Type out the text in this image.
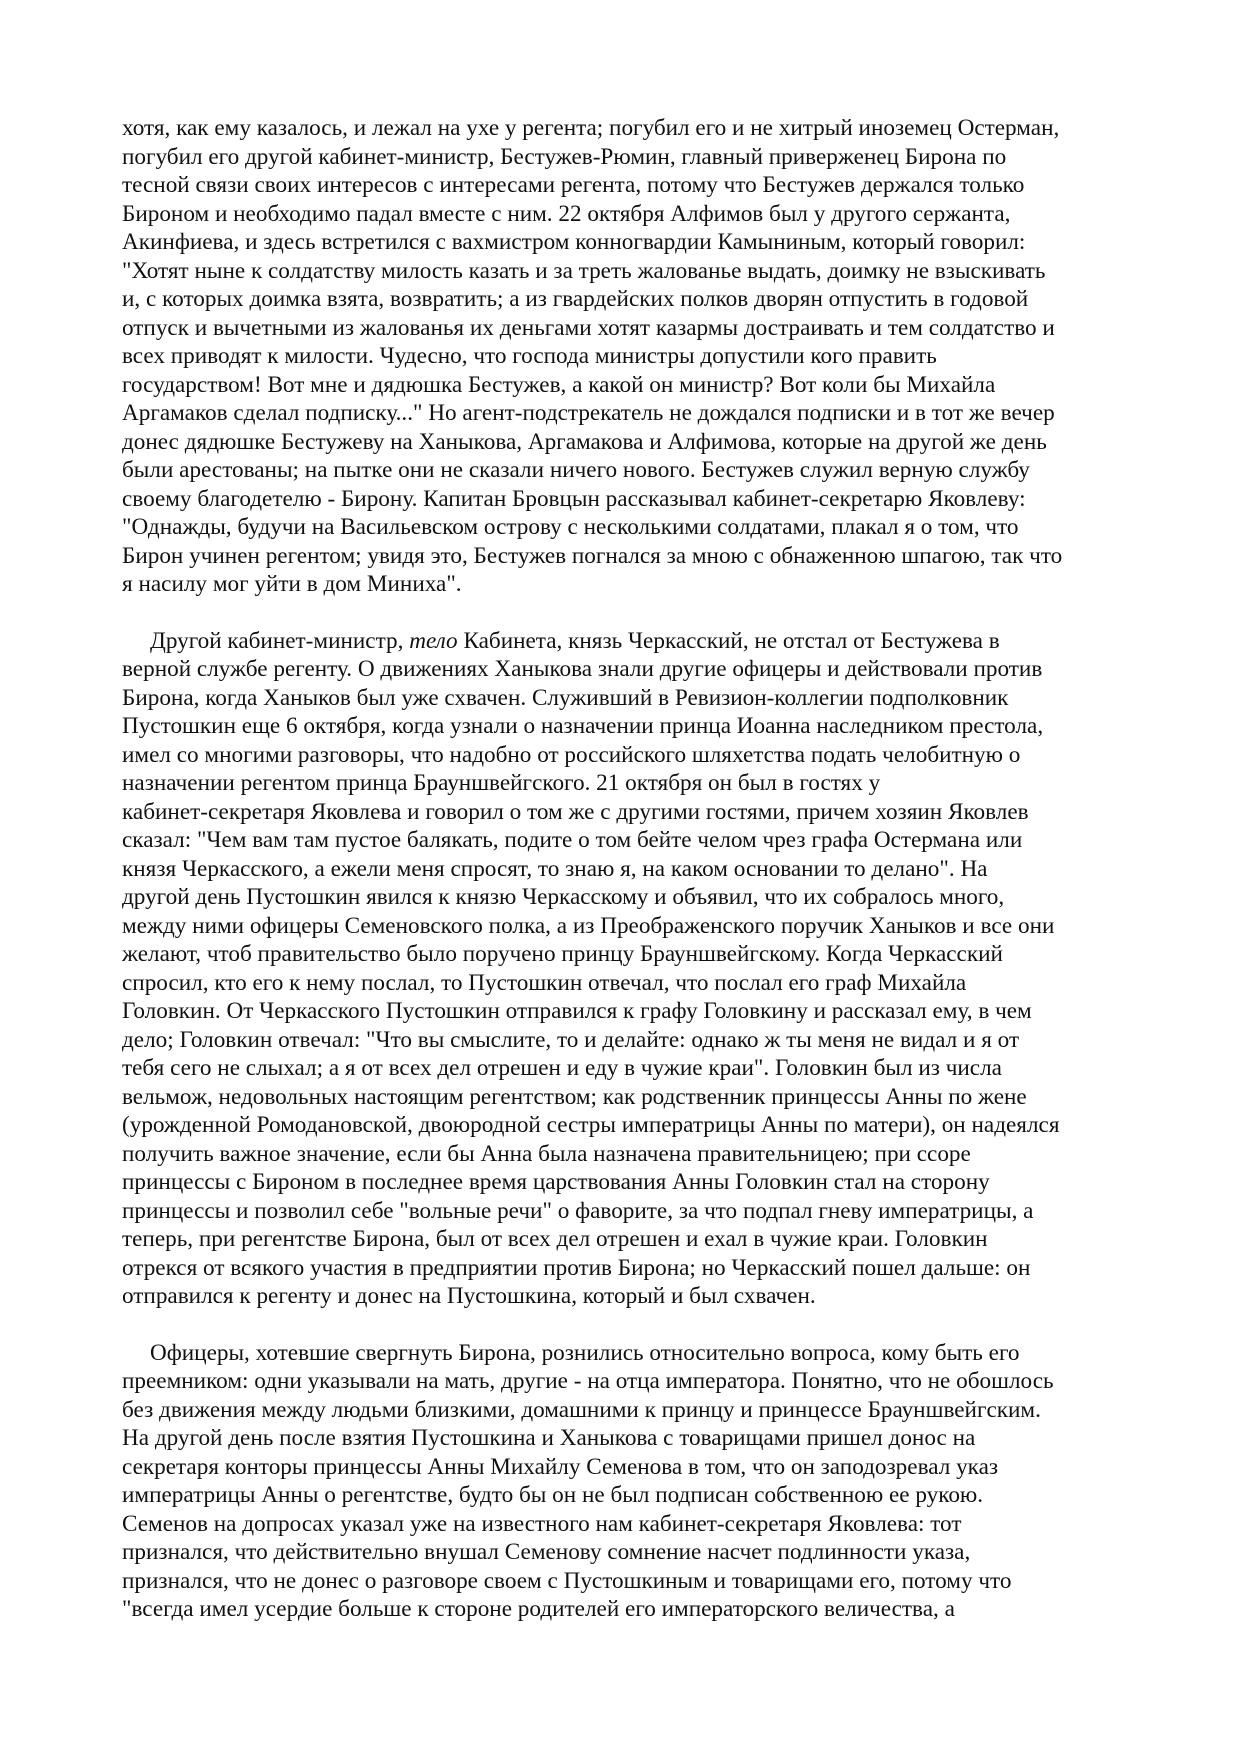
хотя, как ему казалось, и лежал на ухе у регента; погубил его и не хитрый иноземец Остерман,
погубил его другой кабинет-министр, Бестужев-Рюмин, главный приверженец Бирона по
тесной связи своих интересов с интересами регента, потому что Бестужев держался только
Бироном и необходимо падал вместе с ним. 22 октября Алфимов был у другого сержанта,
Акинфиева, и здесь встретился с вахмистром конногвардии Камыниным, который говорил:
"Хотят ныне к солдатству милость казать и за треть жалованье выдать, доимку не взыскивать
и, с которых доимка взята, возвратить; а из гвардейских полков дворян отпустить в годовой
отпуск и вычетными из жалованья их деньгами хотят казармы достраивать и тем солдатство и
всех приводят к милости. Чудесно, что господа министры допустили кого править
государством! Вот мне и дядюшка Бестужев, а какой он министр? Вот коли бы Михайла
Аргамаков сделал подписку..." Но агент-подстрекатель не дождался подписки и в тот же вечер
донес дядюшке Бестужеву на Ханыкова, Аргамакова и Алфимова, которые на другой же день
были арестованы; на пытке они не сказали ничего нового. Бестужев служил верную службу
своему благодетелю - Бирону. Капитан Бровцын рассказывал кабинет-секретарю Яковлеву:
"Однажды, будучи на Васильевском острову с несколькими солдатами, плакал я о том, что
Бирон учинен регентом; увидя это, Бестужев погнался за мною с обнаженною шпагою, так что
я насилу мог уйти в дом Миниха".

Другой кабинет-министр, тело Кабинета, князь Черкасский, не отстал от Бестужева в
верной службе регенту. О движениях Ханыкова знали другие офицеры и действовали против
Бирона, когда Ханыков был уже схвачен. Служивший в Ревизион-коллегии подполковник
Пустошкин еще 6 октября, когда узнали о назначении принца Иоанна наследником престола,
имел со многими разговоры, что надобно от российского шляхетства подать челобитную о
назначении регентом принца Брауншвейгского. 21 октября он был в гостях у
кабинет-секретаря Яковлева и говорил о том же с другими гостями, причем хозяин Яковлев
сказал: "Чем вам там пустое балякать, подите о том бейте челом чрез графа Остермана или
князя Черкасского, а ежели меня спросят, то знаю я, на каком основании то делано". На
другой день Пустошкин явился к князю Черкасскому и объявил, что их собралось много,
между ними офицеры Семеновского полка, а из Преображенского поручик Ханыков и все они
желают, чтоб правительство было поручено принцу Брауншвейгскому. Когда Черкасский
спросил, кто его к нему послал, то Пустошкин отвечал, что послал его граф Михайла
Головкин. От Черкасского Пустошкин отправился к графу Головкину и рассказал ему, в чем
дело; Головкин отвечал: "Что вы смыслите, то и делайте: однако ж ты меня не видал и я от
тебя сего не слыхал; а я от всех дел отрешен и еду в чужие краи". Головкин был из числа
вельмож, недовольных настоящим регентством; как родственник принцессы Анны по жене
(урожденной Ромодановской, двоюродной сестры императрицы Анны по матери), он надеялся
получить важное значение, если бы Анна была назначена правительницею; при ссоре
принцессы с Бироном в последнее время царствования Анны Головкин стал на сторону
принцессы и позволил себе "вольные речи" о фаворите, за что подпал гневу императрицы, а
теперь, при регентстве Бирона, был от всех дел отрешен и ехал в чужие краи. Головкин
отрекся от всякого участия в предприятии против Бирона; но Черкасский пошел дальше: он
отправился к регенту и донес на Пустошкина, который и был схвачен.

Офицеры, хотевшие свергнуть Бирона, рознились относительно вопроса, кому быть его
преемником: одни указывали на мать, другие - на отца императора. Понятно, что не обошлось
без движения между людьми близкими, домашними к принцу и принцессе Брауншвейгским.
На другой день после взятия Пустошкина и Ханыкова с товарищами пришел донос на
секретаря конторы принцессы Анны Михайлу Семенова в том, что он заподозревал указ
императрицы Анны о регентстве, будто бы он не был подписан собственною ее рукою.
Семенов на допросах указал уже на известного нам кабинет-секретаря Яковлева: тот
признался, что действительно внушал Семенову сомнение насчет подлинности указа,
признался, что не донес о разговоре своем с Пустошкиным и товарищами его, потому что
"всегда имел усердие больше к стороне родителей его императорского величества, а
